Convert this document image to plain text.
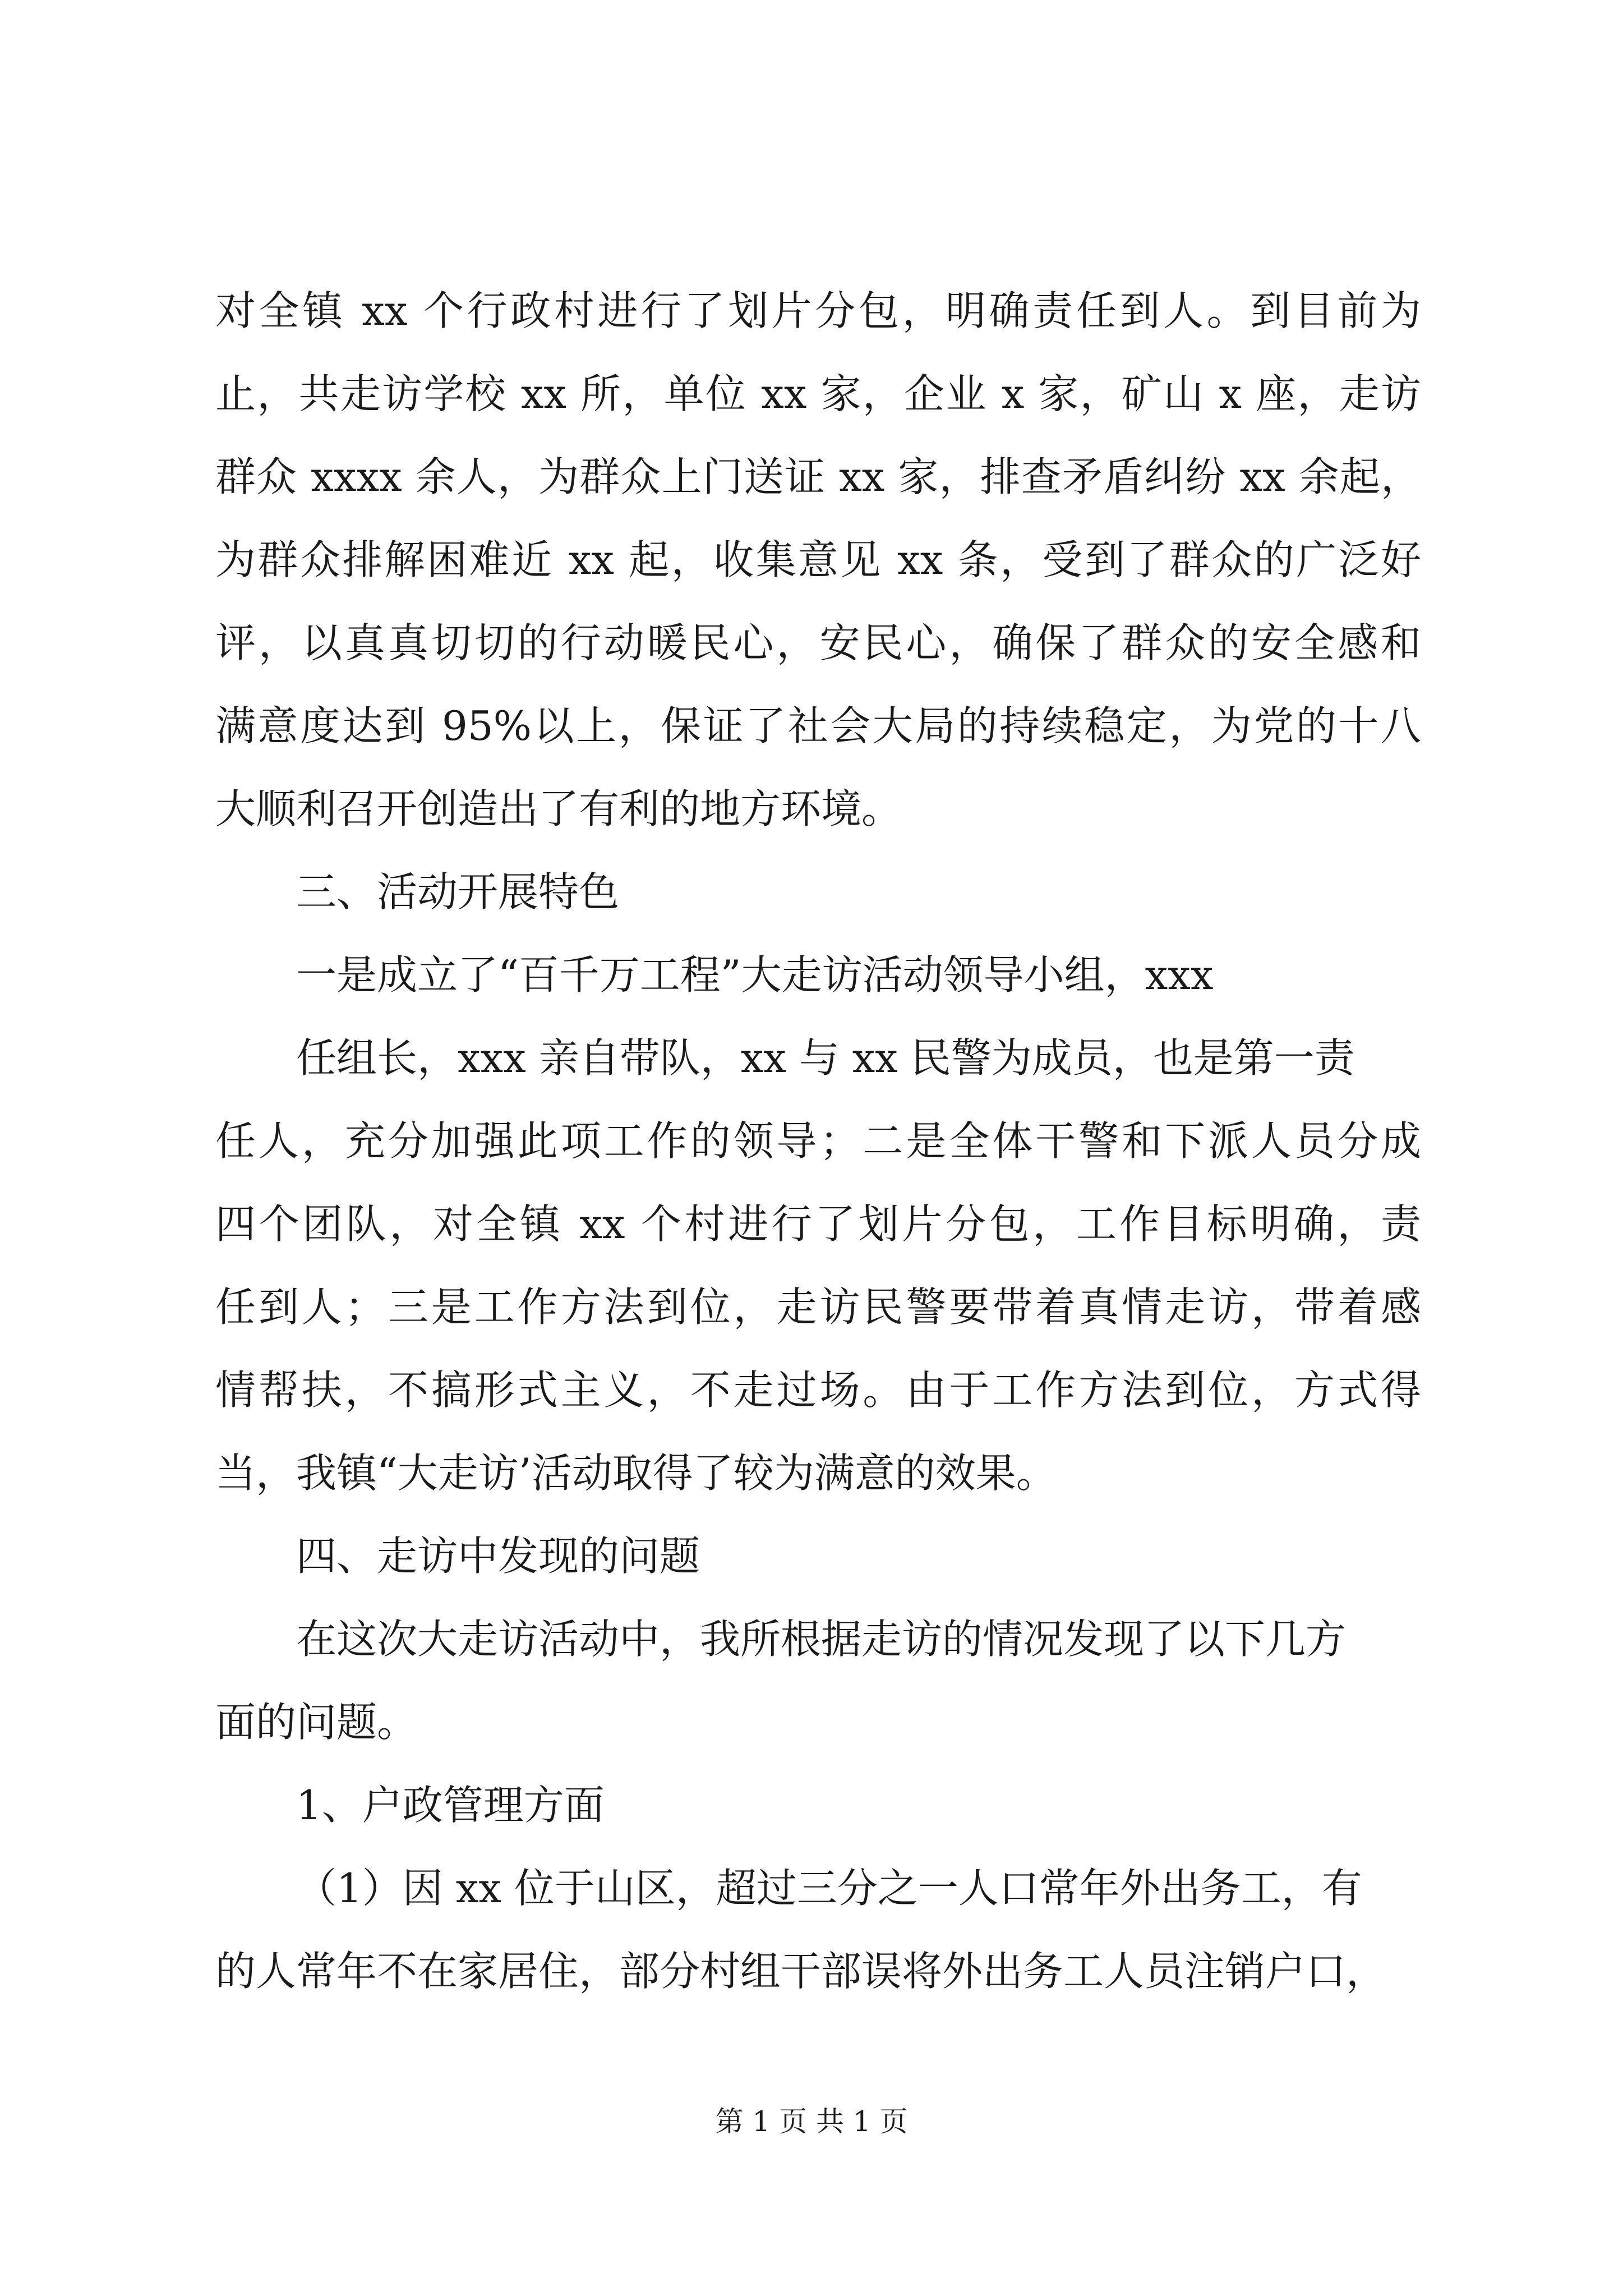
对全镇 xx 个行政村进行了划片分包，明确责任到人。到目前为
止，共走访学校 xx 所，单位 xx 家，企业 x 家，矿山 x 座，走访
群众 xxxx 余人，为群众上门送证 xx 家，排查矛盾纠纷 xx 余起，
为群众排解困难近 xx 起，收集意见 xx 条，受到了群众的广泛好
评，以真真切切的行动暖民心，安民心，确保了群众的安全感和
满意度达到 95%以上，保证了社会大局的持续稳定，为党的十八
大顺利召开创造出了有利的地方环境。
三、活动开展特色
一是成立了“百千万工程”大走访活动领导小组，xxx
任组长，xxx 亲自带队，xx 与 xx 民警为成员，也是第一责
任人，充分加强此项工作的领导；二是全体干警和下派人员分成
四个团队，对全镇 xx 个村进行了划片分包，工作目标明确，责
任到人；三是工作方法到位，走访民警要带着真情走访，带着感
情帮扶，不搞形式主义，不走过场。由于工作方法到位，方式得
当，我镇“大走访’活动取得了较为满意的效果。
四、走访中发现的问题
在这次大走访活动中，我所根据走访的情况发现了以下几方
面的问题。
1、户政管理方面
（1）因 xx 位于山区，超过三分之一人口常年外出务工，有
的人常年不在家居住，部分村组干部误将外出务工人员注销户口，
第 1 页 共 1 页
